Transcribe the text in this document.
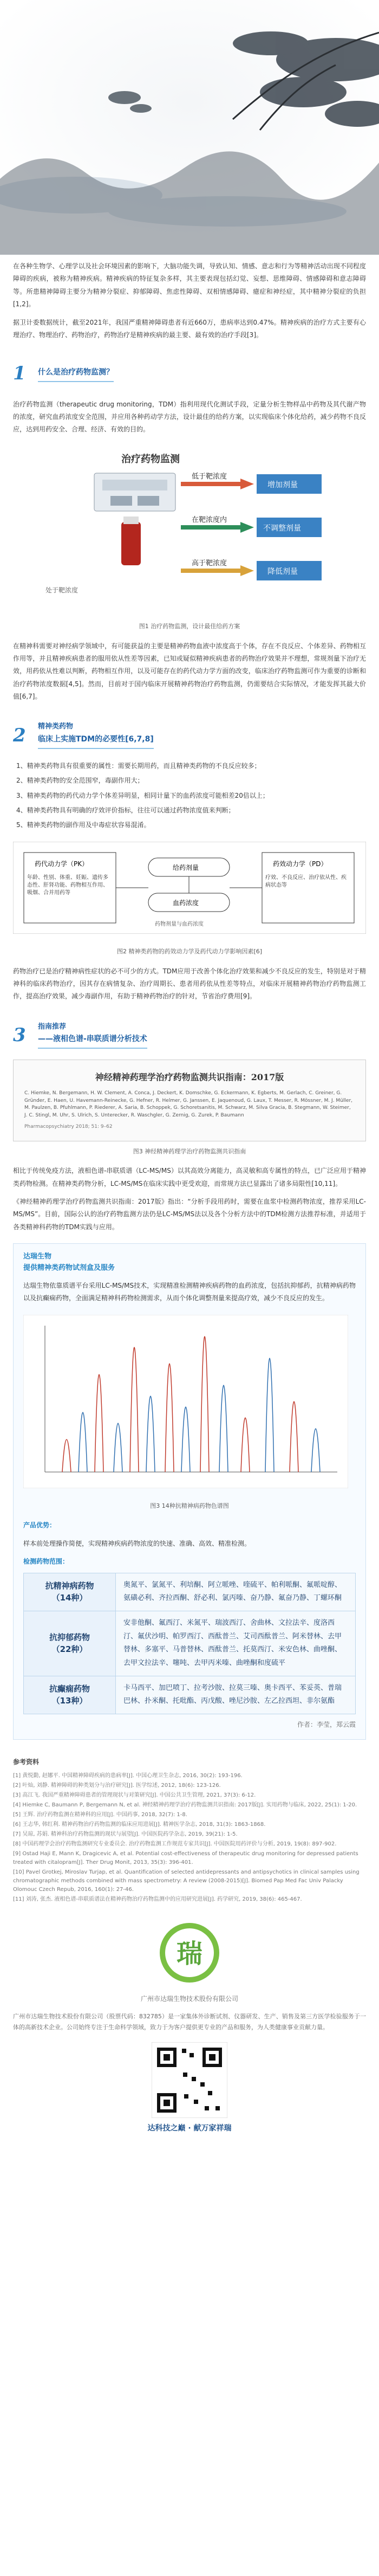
在各种生物学、心理学以及社会环境因素的影响下，大脑功能失调，导致认知、情感、意志和行为等精神活动出现不同程度障碍的疾病，被称为精神疾病。精神疾病的特征复杂多样，其主要表现包括幻觉、妄想、思维障碍、情感障碍和意志障碍等。所患精神障碍主要分为精神分裂症、抑郁障碍、焦虑性障碍、双相情感障碍、癔症和神经症，其中精神分裂症的负担[1,2]。

据卫计委数据统计，截至2021年，我国严重精神障碍患者有近660万，患病率达到0.47%。精神疾病的治疗方式主要有心理治疗、物理治疗、药物治疗，药物治疗是精神疾病的最主要、最有效的治疗手段[3]。

1	什么是治疗药物监测？

治疗药物监测（therapeutic drug monitoring，TDM）指利用现代化测试手段，定量分析生物样品中药物及其代谢产物的浓度，研究血药浓度安全范围，并应用各种药动学方法，设计最佳的给药方案，以实现临床个体化给药，减少药物不良反应，达到用药安全、合理、经济、有效的目的。

治疗药物监测
低于靶浓度
增加剂量
在靶浓度内
不调整剂量
高于靶浓度
降低剂量
处于靶浓度
图1 治疗药物监测，设计最佳给药方案

在精神科需要对神经病学领域中，有可能获益的主要是精神药物血液中浓度高于个体，存在不良反应、个体差异、药物相互作用等，并且精神疾病患者的服用依从性差等因素，已知或疑似精神疾病患者的药物治疗效果并不理想，常规剂量下治疗无效，用药依从性难以判断，药物相互作用，以及可能存在的药代动力学方面的改变，临床治疗药物监测可作为重要的诊断和治疗药物浓度数据[4,5]。然而，目前对于国内临床开展精神药物治疗药物监测，仍需要结合实际情况，才能发挥其最大价值[6,7]。

2	精神类药物
临床上实施TDM的必要性[6,7,8]
1、精神类药物具有很重要的属性：需要长期用药，而且精神类药物的不良反应较多；
2、精神类药物的安全范围窄，毒副作用大；
3、精神类药物的药代动力学个体差异明显，相同计量下的血药浓度可能相差20倍以上；
4、精神类药物具有明确的疗效评价指标，往往可以通过药物浓度值来判断；
5、精神类药物的副作用及中毒症状容易混淆。
药代动力学（PK）
年龄、性别、体重、妊娠、遗传多态性、肝肾功能、药物相互作用、吸烟、合并用药等
给药剂量
血药浓度
药物剂量与血药浓度
药效动力学（PD）
疗效、不良反应、治疗依从性、疾病状态等
图2 精神类药物的药效动力学及药代动力学影响因素[6]

药物治疗已是治疗精神病性症状的必不可少的方式。TDM应用于改善个体化治疗效果和减少不良反应的发生，特别是对于精神科的临床药物治疗，因其存在病情复杂、治疗周期长、患者用药依从性差等特点，对临床开展精神药物治疗药物监测工作，提高治疗效果，减少毒副作用，有助于精神药物治疗的针对，节省治疗费用[9]。

3	指南推荐
——液相色谱-串联质谱分析技术
神经精神药理学治疗药物监测共识指南：2017版
C. Hiemke, N. Bergemann, H. W. Clement, A. Conca, J. Deckert, K. Domschke, G. Eckermann, K. Egberts, M. Gerlach, C. Greiner, G. Gründer, E. Haen, U. Havemann-Reinecke, G. Hefner, R. Helmer, G. Janssen, E. Jaquenoud, G. Laux, T. Messer, R. Mössner, M. J. Müller, M. Paulzen, B. Pfuhlmann, P. Riederer, A. Saria, B. Schoppek, G. Schoretsanitis, M. Schwarz, M. Silva Gracia, B. Stegmann, W. Steimer, J. C. Stingl, M. Uhr, S. Ulrich, S. Unterecker, R. Waschgler, G. Zernig, G. Zurek, P. Baumann
Pharmacopsychiatry 2018; 51: 9–62
图3 神经精神药理学治疗药物监测共识指南

相比于传统免疫方法，液相色谱-串联质谱（LC-MS/MS）以其高效分离能力，高灵敏和高专属性的特点，已广泛应用于精神类药物检测。在精神类药物分析，LC-MS/MS在临床实践中更受欢迎，而常规方法已显露出了诸多局限性[10,11]。

《神经精神药理学治疗药物监测共识指南：2017版》指出：“分析手段用药时，需要在血浆中检测药物浓度，推荐采用LC-MS/MS”。目前，国际公认的治疗药物监测方法仍是LC-MS/MS法以及各个分析方法中的TDM检测方法推荐标准，并适用于各类精神科药物的TDM实践与应用。

达瑞生物
提供精神类药物试剂盒及服务

达瑞生物依靠质谱平台采用LC-MS/MS技术，实现精准检测精神疾病药物的血药浓度，包括抗抑郁药，抗精神病药物以及抗癫痫药物，全面满足精神科药物检测需求，从而个体化调整剂量来提高疗效，减少不良反应的发生。

图3 14种抗精神病药物色谱图
产品优势：

样本前处理操作简便，实现精神疾病药物浓度的快速、准确、高效、精准检测。

检测药物范围：
抗精神病药物
（14种）	奥氮平、氯氮平、利培酮、阿立哌唑、喹硫平、帕利哌酮、氟哌啶醇、氨磺必利、齐拉西酮、舒必利、氯丙嗪、奋乃静、氟奋乃静、丁螺环酮

抗抑郁药物
（22种）	安非他酮、氟西汀、米氮平、瑞波西汀、舍曲林、文拉法辛、度洛西汀、氟伏沙明、帕罗西汀、西酞普兰、艾司西酞普兰、阿米替林、去甲替林、多塞平、马普替林、西酞普兰、托莫西汀、米安色林、曲唑酮、去甲文拉法辛、噻吨、去甲丙米嗪、曲唑酮和度硫平

抗癫痫药物
（13种）	卡马西平、加巴喷丁、拉考沙胺、拉莫三嗪、奥卡西平、苯妥英、普瑞巴林、扑米酮、托吡酯、丙戊酸、唑尼沙胺、左乙拉西坦、非尔氨酯
作者：李莹，郑云霞
参考资料

[1] 黄悦勤, 赵娜平. 中国精神障碍疾病的患病率[J]. 中国心理卫生杂志, 2016, 30(2): 193-196.

[2] 叶灿, 刘静. 精神障碍的种类划分与治疗研究[J]. 医学综述, 2012, 18(6): 123-126.

[3] 高江飞. 我国严重精神障碍患者的管理现状与对策研究[J]. 中国公共卫生管理, 2021, 37(3): 6-12.

[4] Hiemke C, Baumann P, Bergemann N, et al. 神经精神药理学治疗药物监测共识指南: 2017版[J]. 实用药物与临床, 2022, 25(1): 1-20.

[5] 王辉. 治疗药物监测在精神科的应用[J]. 中国药事, 2018, 32(7): 1-8.

[6] 王志华, 韩红利. 精神药物治疗药物监测的临床应用进展[J]. 精神医学杂志, 2018, 31(3): 1863-1868.

[7] 吴琼, 苏娟. 精神科治疗药物监测的现状与展望[J]. 中国医院药学杂志, 2019, 39(21): 1-5.

[8] 中国药理学会治疗药物监测研究专业委员会. 治疗药物监测工作规范专家共识[J]. 中国医院用药评价与分析, 2019, 19(8): 897-902.

[9] Ostad Haji E, Mann K, Dragicevic A, et al. Potential cost-effectiveness of therapeutic drug monitoring for depressed patients treated with citalopram[J]. Ther Drug Monit, 2013, 35(3): 396-401.

[10] Pavel Grotkej, Miroslav Turjap, et al. Quantification of selected antidepressants and antipsychotics in clinical samples using chromatographic methods combined with mass spectrometry: A review (2008-2015)[J]. Biomed Pap Med Fac Univ Palacky Olomouc Czech Repub, 2016, 160(1): 27-46.

[11] 刘涛, 张杰. 液相色谱-串联质谱法在精神药物治疗药物监测中的应用研究进展[J]. 药学研究, 2019, 38(6): 465-467.

瑞
广州市达瑞生物技术股份有限公司

广州市达瑞生物技术股份有限公司（股票代码：832785）是一家集体外诊断试剂、仪器研发、生产、销售及第三方医学检验服务于一体的高新技术企业。公司始终专注于生命科学领域，致力于为客户提供更专业的产品和服务，为人类健康事业贡献力量。

达科技之巅 · 献万家祥瑞
